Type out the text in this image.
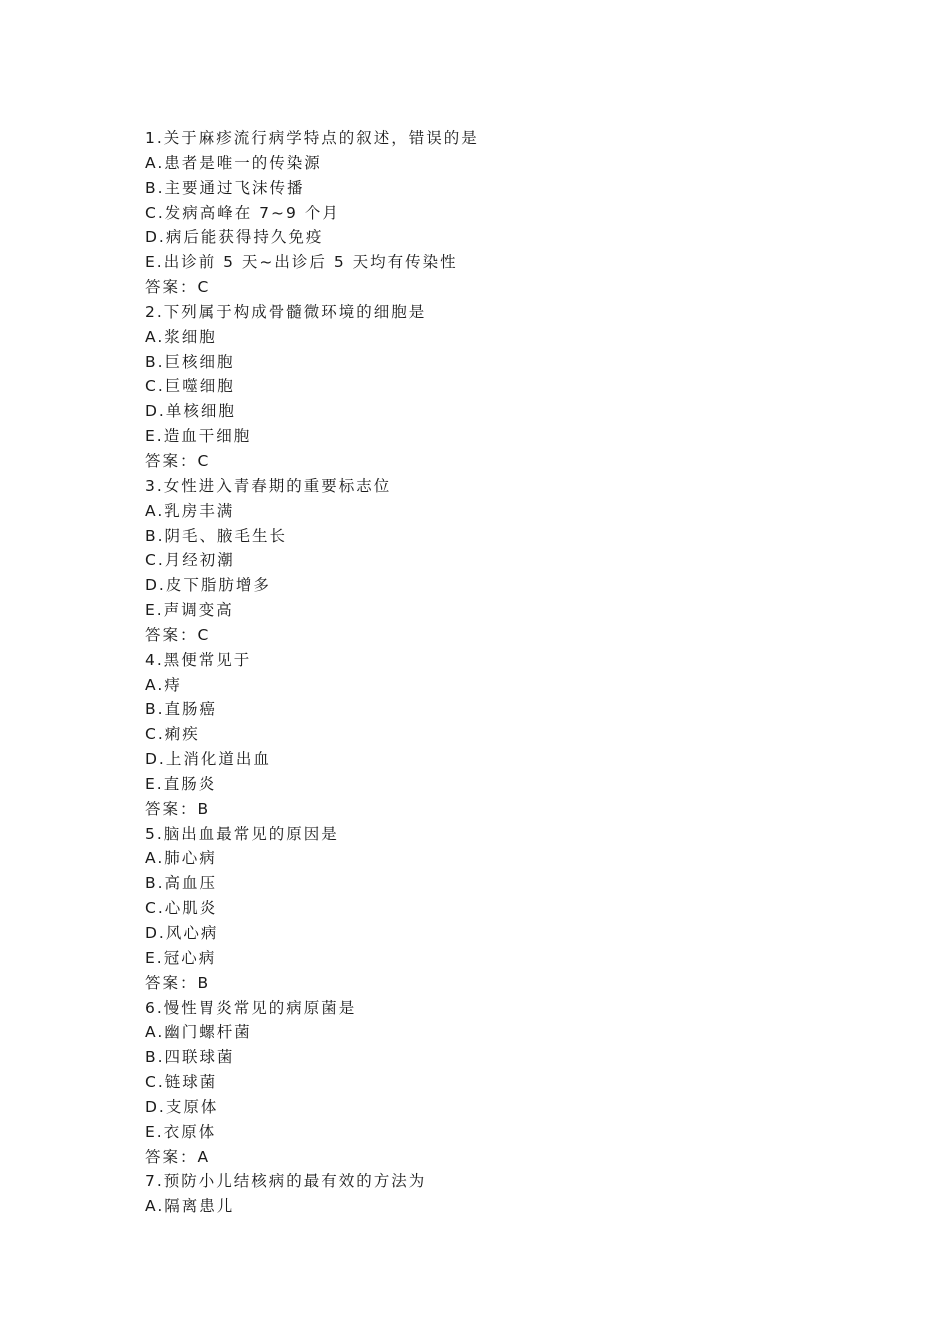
1.关于麻疹流行病学特点的叙述，错误的是
A.患者是唯一的传染源
B.主要通过飞沫传播
C.发病高峰在 7~9 个月
D.病后能获得持久免疫
E.出诊前 5 天~出诊后 5 天均有传染性
答案：C
2.下列属于构成骨髓微环境的细胞是
A.浆细胞
B.巨核细胞
C.巨噬细胞
D.单核细胞
E.造血干细胞
答案：C
3.女性进入青春期的重要标志位
A.乳房丰满
B.阴毛、腋毛生长
C.月经初潮
D.皮下脂肪增多
E.声调变高
答案：C
4.黑便常见于
A.痔
B.直肠癌
C.痢疾
D.上消化道出血
E.直肠炎
答案：B
5.脑出血最常见的原因是
A.肺心病
B.高血压
C.心肌炎
D.风心病
E.冠心病
答案：B
6.慢性胃炎常见的病原菌是
A.幽门螺杆菌
B.四联球菌
C.链球菌
D.支原体
E.衣原体
答案：A
7.预防小儿结核病的最有效的方法为
A.隔离患儿
